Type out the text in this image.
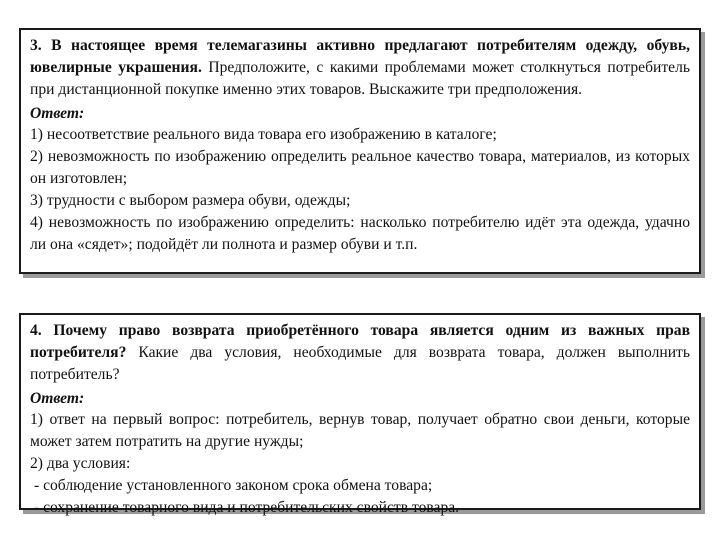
3. В настоящее время телемагазины активно предлагают потребителям одежду, обувь, ювелирные украшения. Предположите, с какими проблемами может столкнуться потребитель при дистанционной покупке именно этих товаров. Выскажите три предположения.

Ответ:

1) несоответствие реального вида товара его изображению в каталоге;

2) невозможность по изображению определить реальное качество товара, материалов, из которых он изготовлен;

3) трудности с выбором размера обуви, одежды;

4) невозможность по изображению определить: насколько потребителю идёт эта одежда, удачно ли она «сядет»; подойдёт ли полнота и размер обуви и т.п.

4. Почему право возврата приобретённого товара является одним из важных прав потребителя? Какие два условия, необходимые для возврата товара, должен выполнить потребитель?

Ответ:

1) ответ на первый вопрос: потребитель, вернув товар, получает обратно свои деньги, которые может затем потратить на другие нужды;

2) два условия:

- соблюдение установленного законом срока обмена товара;

- сохранение товарного вида и потребительских свойств товара.
